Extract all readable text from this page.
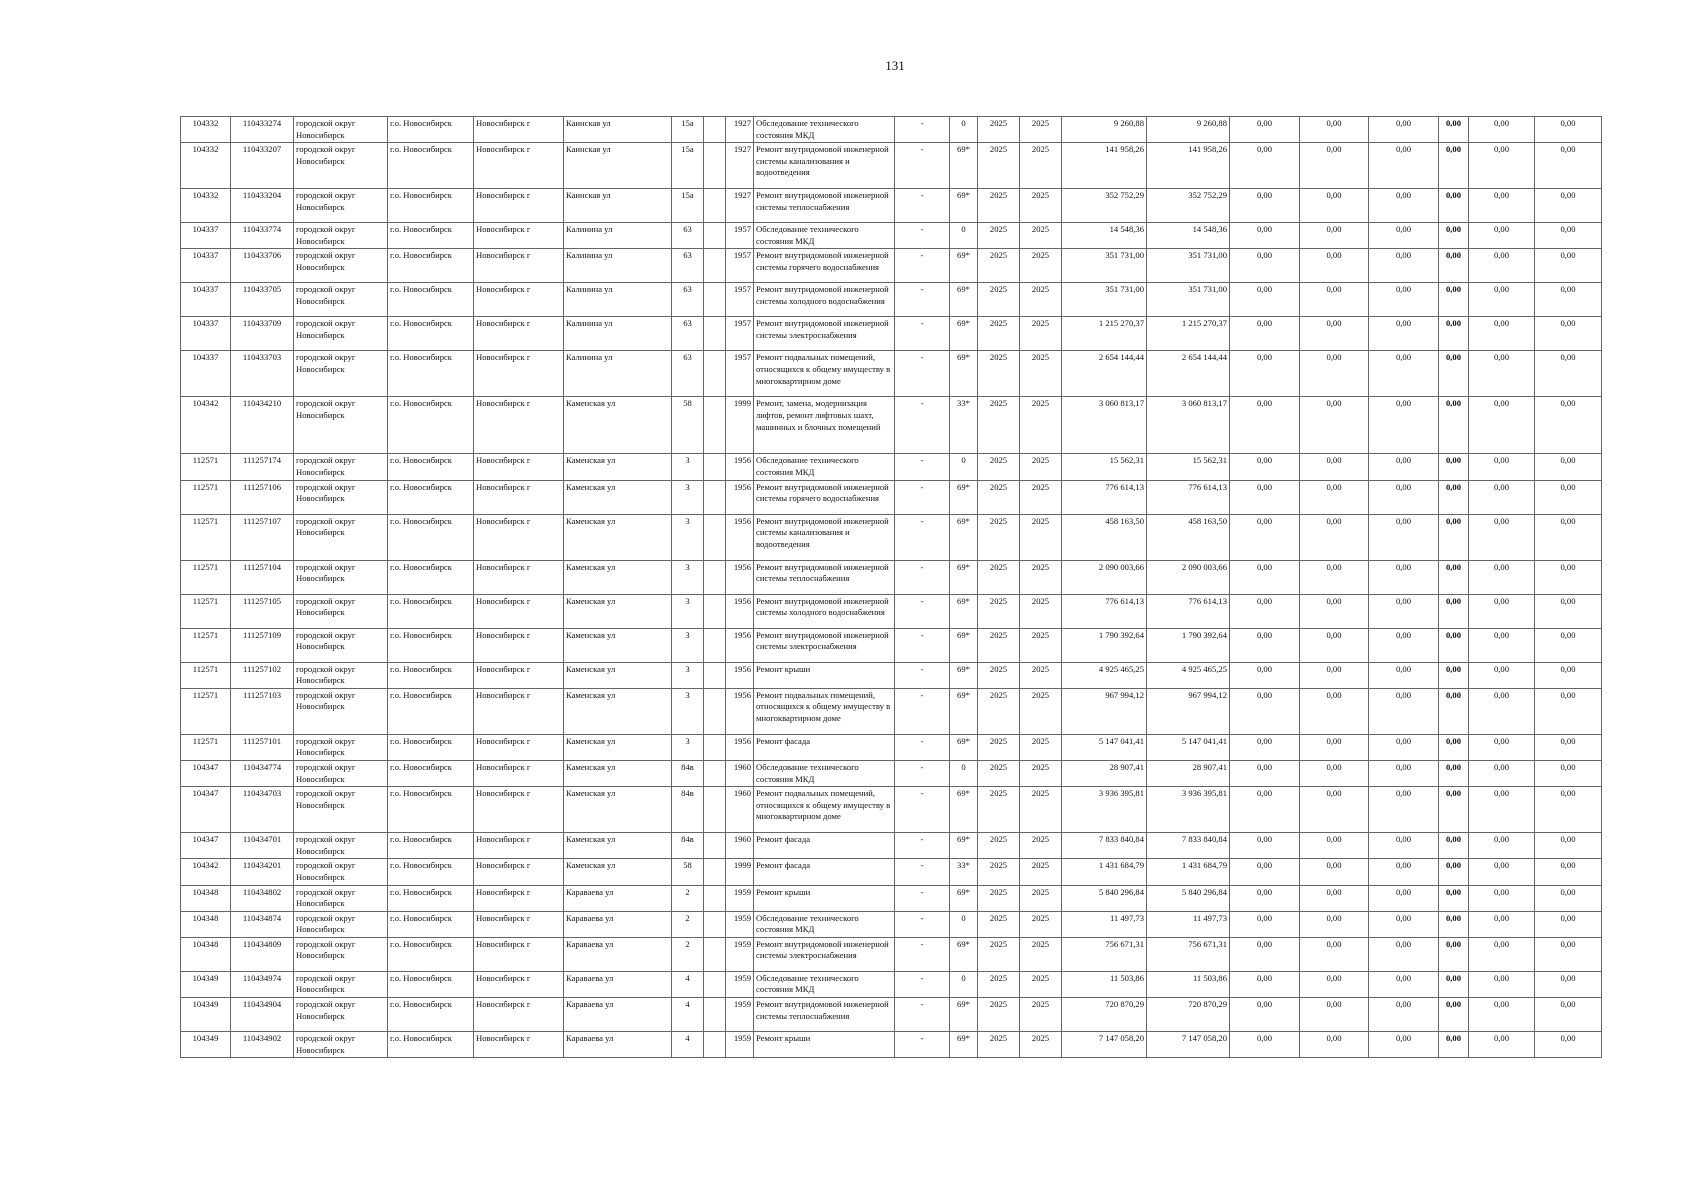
131
104332	110433274	городской округ Новосибирск	г.о. Новосибирск	Новосибирск г	Каинская ул	15а		1927	Обследование технического состояния МКД	-	0	2025	2025	9 260,88	9 260,88	0,00	0,00	0,00	0,00	0,00	0,00
104332	110433207	городской округ Новосибирск	г.о. Новосибирск	Новосибирск г	Каинская ул	15а		1927	Ремонт внутридомовой инженерной системы канализования и водоотведения	-	69*	2025	2025	141 958,26	141 958,26	0,00	0,00	0,00	0,00	0,00	0,00
104332	110433204	городской округ Новосибирск	г.о. Новосибирск	Новосибирск г	Каинская ул	15а		1927	Ремонт внутридомовой инженерной системы теплоснабжения	-	69*	2025	2025	352 752,29	352 752,29	0,00	0,00	0,00	0,00	0,00	0,00
104337	110433774	городской округ Новосибирск	г.о. Новосибирск	Новосибирск г	Калинина ул	63		1957	Обследование технического состояния МКД	-	0	2025	2025	14 548,36	14 548,36	0,00	0,00	0,00	0,00	0,00	0,00
104337	110433706	городской округ Новосибирск	г.о. Новосибирск	Новосибирск г	Калинина ул	63		1957	Ремонт внутридомовой инженерной системы горячего водоснабжения	-	69*	2025	2025	351 731,00	351 731,00	0,00	0,00	0,00	0,00	0,00	0,00
104337	110433705	городской округ Новосибирск	г.о. Новосибирск	Новосибирск г	Калинина ул	63		1957	Ремонт внутридомовой инженерной системы холодного водоснабжения	-	69*	2025	2025	351 731,00	351 731,00	0,00	0,00	0,00	0,00	0,00	0,00
104337	110433709	городской округ Новосибирск	г.о. Новосибирск	Новосибирск г	Калинина ул	63		1957	Ремонт внутридомовой инженерной системы электроснабжения	-	69*	2025	2025	1 215 270,37	1 215 270,37	0,00	0,00	0,00	0,00	0,00	0,00
104337	110433703	городской округ Новосибирск	г.о. Новосибирск	Новосибирск г	Калинина ул	63		1957	Ремонт подвальных помещений, относящихся к общему имуществу в многоквартирном доме	-	69*	2025	2025	2 654 144,44	2 654 144,44	0,00	0,00	0,00	0,00	0,00	0,00
104342	110434210	городской округ Новосибирск	г.о. Новосибирск	Новосибирск г	Каменская ул	58		1999	Ремонт, замена, модернизация лифтов, ремонт лифтовых шахт, машинных и блочных помещений	-	33*	2025	2025	3 060 813,17	3 060 813,17	0,00	0,00	0,00	0,00	0,00	0,00
112571	111257174	городской округ Новосибирск	г.о. Новосибирск	Новосибирск г	Каменская ул	3		1956	Обследование технического состояния МКД	-	0	2025	2025	15 562,31	15 562,31	0,00	0,00	0,00	0,00	0,00	0,00
112571	111257106	городской округ Новосибирск	г.о. Новосибирск	Новосибирск г	Каменская ул	3		1956	Ремонт внутридомовой инженерной системы горячего водоснабжения	-	69*	2025	2025	776 614,13	776 614,13	0,00	0,00	0,00	0,00	0,00	0,00
112571	111257107	городской округ Новосибирск	г.о. Новосибирск	Новосибирск г	Каменская ул	3		1956	Ремонт внутридомовой инженерной системы канализования и водоотведения	-	69*	2025	2025	458 163,50	458 163,50	0,00	0,00	0,00	0,00	0,00	0,00
112571	111257104	городской округ Новосибирск	г.о. Новосибирск	Новосибирск г	Каменская ул	3		1956	Ремонт внутридомовой инженерной системы теплоснабжения	-	69*	2025	2025	2 090 003,66	2 090 003,66	0,00	0,00	0,00	0,00	0,00	0,00
112571	111257105	городской округ Новосибирск	г.о. Новосибирск	Новосибирск г	Каменская ул	3		1956	Ремонт внутридомовой инженерной системы холодного водоснабжения	-	69*	2025	2025	776 614,13	776 614,13	0,00	0,00	0,00	0,00	0,00	0,00
112571	111257109	городской округ Новосибирск	г.о. Новосибирск	Новосибирск г	Каменская ул	3		1956	Ремонт внутридомовой инженерной системы электроснабжения	-	69*	2025	2025	1 790 392,64	1 790 392,64	0,00	0,00	0,00	0,00	0,00	0,00
112571	111257102	городской округ Новосибирск	г.о. Новосибирск	Новосибирск г	Каменская ул	3		1956	Ремонт крыши	-	69*	2025	2025	4 925 465,25	4 925 465,25	0,00	0,00	0,00	0,00	0,00	0,00
112571	111257103	городской округ Новосибирск	г.о. Новосибирск	Новосибирск г	Каменская ул	3		1956	Ремонт подвальных помещений, относящихся к общему имуществу в многоквартирном доме	-	69*	2025	2025	967 994,12	967 994,12	0,00	0,00	0,00	0,00	0,00	0,00
112571	111257101	городской округ Новосибирск	г.о. Новосибирск	Новосибирск г	Каменская ул	3		1956	Ремонт фасада	-	69*	2025	2025	5 147 041,41	5 147 041,41	0,00	0,00	0,00	0,00	0,00	0,00
104347	110434774	городской округ Новосибирск	г.о. Новосибирск	Новосибирск г	Каменская ул	84в		1960	Обследование технического состояния МКД	-	0	2025	2025	28 907,41	28 907,41	0,00	0,00	0,00	0,00	0,00	0,00
104347	110434703	городской округ Новосибирск	г.о. Новосибирск	Новосибирск г	Каменская ул	84в		1960	Ремонт подвальных помещений, относящихся к общему имуществу в многоквартирном доме	-	69*	2025	2025	3 936 395,81	3 936 395,81	0,00	0,00	0,00	0,00	0,00	0,00
104347	110434701	городской округ Новосибирск	г.о. Новосибирск	Новосибирск г	Каменская ул	84в		1960	Ремонт фасада	-	69*	2025	2025	7 833 840,84	7 833 840,84	0,00	0,00	0,00	0,00	0,00	0,00
104342	110434201	городской округ Новосибирск	г.о. Новосибирск	Новосибирск г	Каменская ул	58		1999	Ремонт фасада	-	33*	2025	2025	1 431 684,79	1 431 684,79	0,00	0,00	0,00	0,00	0,00	0,00
104348	110434802	городской округ Новосибирск	г.о. Новосибирск	Новосибирск г	Каравaева ул	2		1959	Ремонт крыши	-	69*	2025	2025	5 840 296,84	5 840 296,84	0,00	0,00	0,00	0,00	0,00	0,00
104348	110434874	городской округ Новосибирск	г.о. Новосибирск	Новосибирск г	Каравaева ул	2		1959	Обследование технического состояния МКД	-	0	2025	2025	11 497,73	11 497,73	0,00	0,00	0,00	0,00	0,00	0,00
104348	110434809	городской округ Новосибирск	г.о. Новосибирск	Новосибирск г	Каравaева ул	2		1959	Ремонт внутридомовой инженерной системы электроснабжения	-	69*	2025	2025	756 671,31	756 671,31	0,00	0,00	0,00	0,00	0,00	0,00
104349	110434974	городской округ Новосибирск	г.о. Новосибирск	Новосибирск г	Каравaева ул	4		1959	Обследование технического состояния МКД	-	0	2025	2025	11 503,86	11 503,86	0,00	0,00	0,00	0,00	0,00	0,00
104349	110434904	городской округ Новосибирск	г.о. Новосибирск	Новосибирск г	Каравaева ул	4		1959	Ремонт внутридомовой инженерной системы теплоснабжения	-	69*	2025	2025	720 870,29	720 870,29	0,00	0,00	0,00	0,00	0,00	0,00
104349	110434902	городской округ Новосибирск	г.о. Новосибирск	Новосибирск г	Каравaева ул	4		1959	Ремонт крыши	-	69*	2025	2025	7 147 058,20	7 147 058,20	0,00	0,00	0,00	0,00	0,00	0,00
